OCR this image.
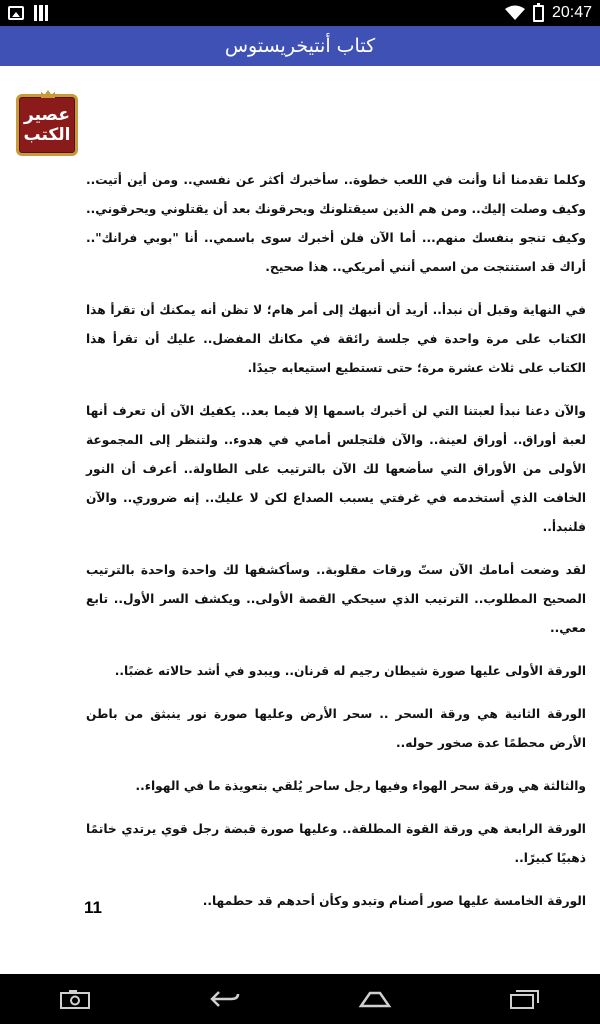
20:47
كتاب أنتيخريستوس
عصير
الكتب

وكلما تقدمنا أنا وأنت في اللعب خطوة.. سأخبرك أكثر عن نفسي.. ومن أين أتيت.. وكيف وصلت إليك.. ومن هم الذين سيقتلونك ويحرقونك بعد أن يقتلوني ويحرقوني.. وكيف تنجو بنفسك منهم... أما الآن فلن أخبرك سوى باسمي.. أنا "بوبي فرانك".. أراك قد استنتجت من اسمي أنني أمريكي.. هذا صحيح.

في النهاية وقبل أن نبدأ.. أريد أن أنبهك إلى أمر هام؛ لا تظن أنه يمكنك أن تقرأ هذا الكتاب على مرة واحدة في جلسة رائقة في مكانك المفضل.. عليك أن تقرأ هذا الكتاب على ثلاث عشرة مرة؛ حتى تستطيع استيعابه جيدًا.

والآن دعنا نبدأ لعبتنا التي لن أخبرك باسمها إلا فيما بعد.. يكفيك الآن أن تعرف أنها لعبة أوراق.. أوراق لعينة.. والآن فلتجلس أمامي في هدوء.. ولتنظر إلى المجموعة الأولى من الأوراق التي سأضعها لك الآن بالترتيب على الطاولة.. أعرف أن النور الخافت الذي أستخدمه في غرفتي يسبب الصداع لكن لا عليك.. إنه ضروري.. والآن فلنبدأ..

لقد وضعت أمامك الآن ستّ ورقات مقلوبة.. وسأكشفها لك واحدة واحدة بالترتيب الصحيح المطلوب.. الترتيب الذي سيحكي القصة الأولى.. ويكشف السر الأول.. تابع معي..

الورقة الأولى عليها صورة شيطان رجيم له قرنان.. ويبدو في أشد حالاته غضبًا..

الورقة الثانية هي ورقة السحر .. سحر الأرض وعليها صورة نور ينبثق من باطن الأرض محطمًا عدة صخور حوله..

والثالثة هي ورقة سحر الهواء وفيها رجل ساحر يُلقي بتعويذة ما في الهواء..

الورقة الرابعة هي ورقة القوة المطلقة.. وعليها صورة قبضة رجل قوي يرتدي خاتمًا ذهبيًا كبيرًا..

الورقة الخامسة عليها صور أصنام وتبدو وكأن أحدهم قد حطمها..

11
